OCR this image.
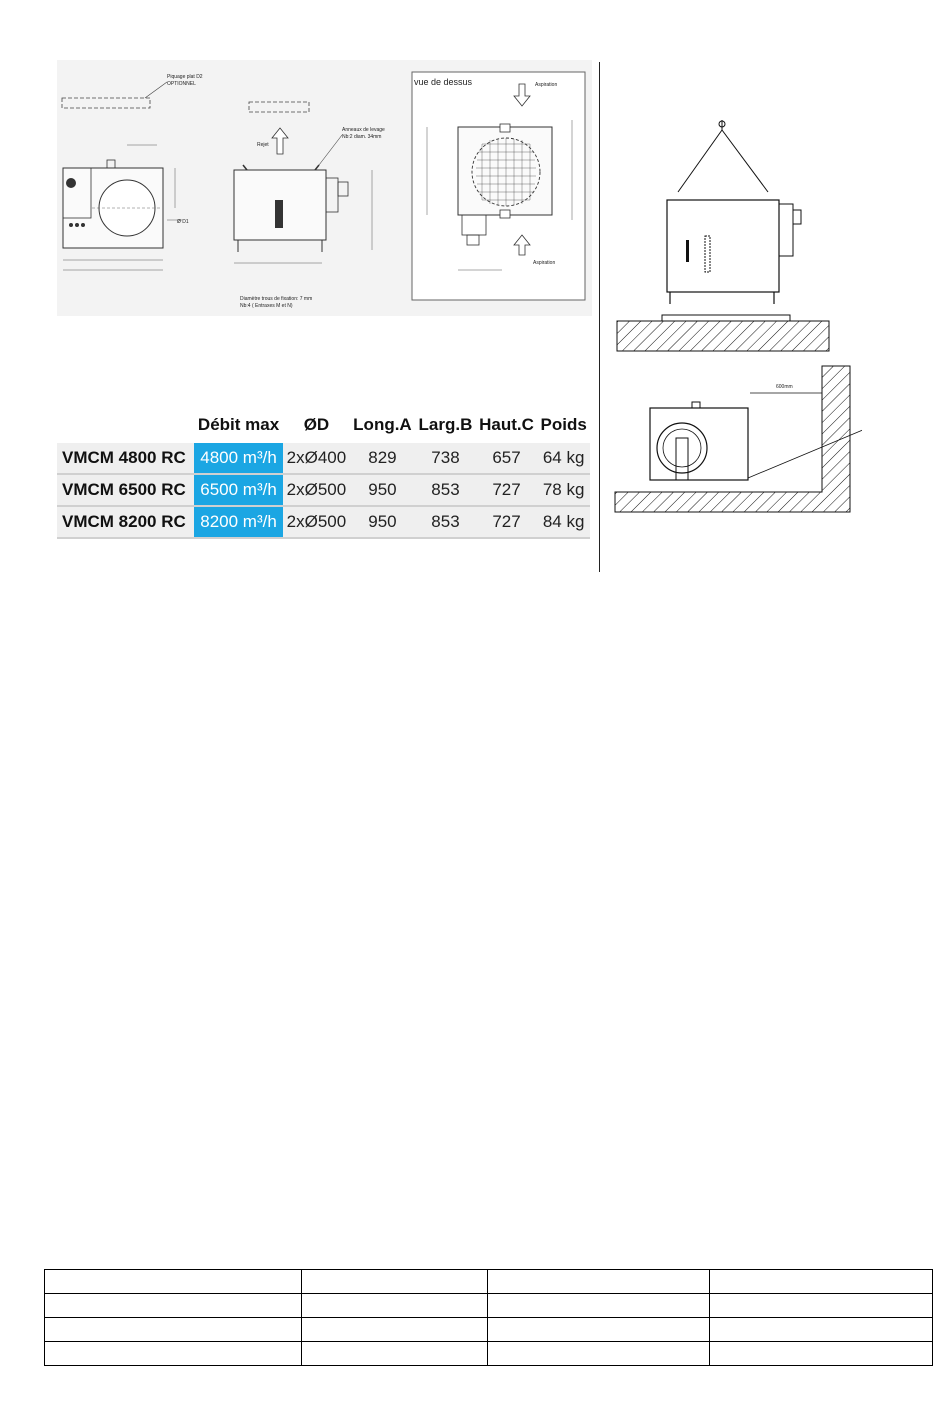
Piquage plat D2
OPTIONNEL
Ø D1
Rejet
Anneaux de levage
Nb:2 diam. 34mm
Diamètre trous de fixation: 7 mm
Nb:4 ( Entraxes M et N)
vue de dessus	Aspiration
Aspiration
600mm
	Débit max	ØD	Long.A	Larg.B	Haut.C	Poids
VMCM 4800 RC	4800 m³/h	2xØ400	829	738	657	64 kg
VMCM 6500 RC	6500 m³/h	2xØ500	950	853	727	78 kg
VMCM 8200 RC	8200 m³/h	2xØ500	950	853	727	84 kg
